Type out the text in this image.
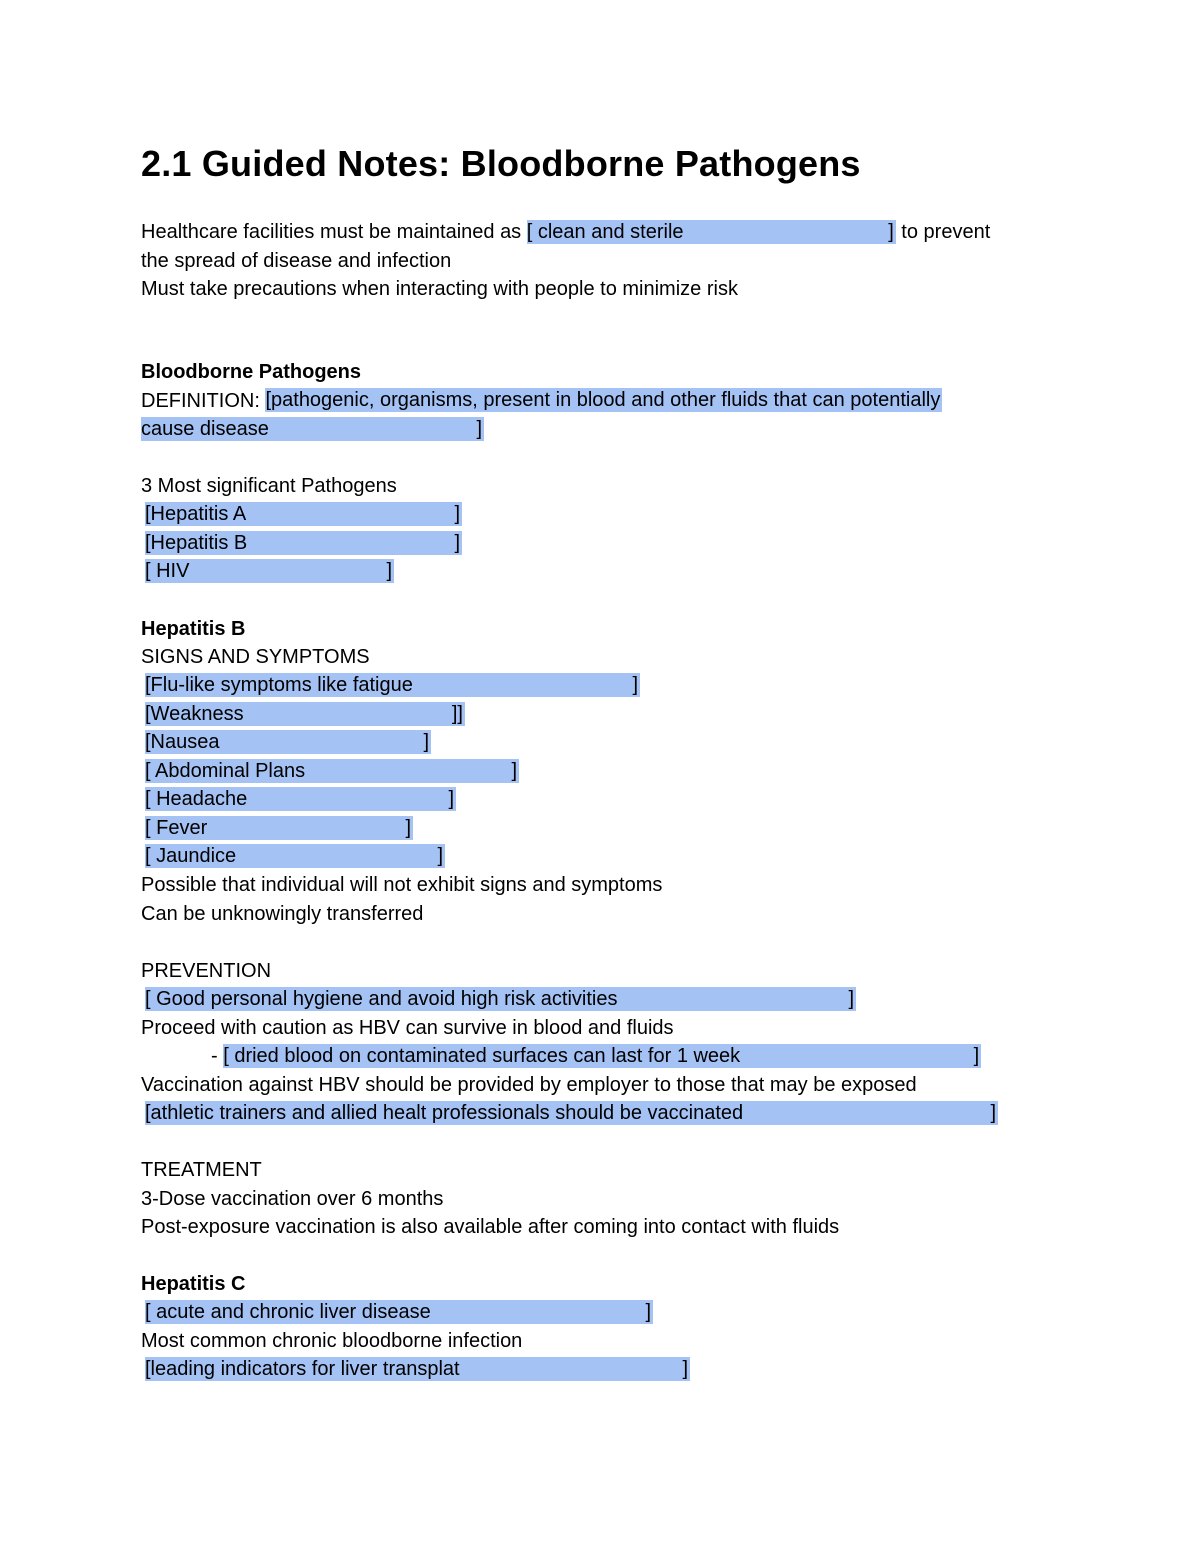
2.1 Guided Notes: Bloodborne Pathogens
Healthcare facilities must be maintained as [ clean and sterile	] to prevent
the spread of disease and infection
Must take precautions when interacting with people to minimize risk
Bloodborne Pathogens
DEFINITION: [pathogenic, organisms, present in blood and other fluids that can potentially
cause disease	]
3 Most significant Pathogens
[Hepatitis A	]
[Hepatitis B	]
[ HIV	]
Hepatitis B
SIGNS AND SYMPTOMS
[Flu-like symptoms like fatigue	]
[Weakness	]]
[Nausea	]
[ Abdominal Plans	]
[ Headache	]
[ Fever	]
[ Jaundice	]
Possible that individual will not exhibit signs and symptoms
Can be unknowingly transferred
PREVENTION
[ Good personal hygiene and avoid high risk activities	]
Proceed with caution as HBV can survive in blood and fluids
- [ dried blood on contaminated surfaces can last for 1 week	]
Vaccination against HBV should be provided by employer to those that may be exposed
[athletic trainers and allied healt professionals should be vaccinated	]
TREATMENT
3-Dose vaccination over 6 months
Post-exposure vaccination is also available after coming into contact with fluids
Hepatitis C
[ acute and chronic liver disease	]
Most common chronic bloodborne infection
[leading indicators for liver transplat	]
